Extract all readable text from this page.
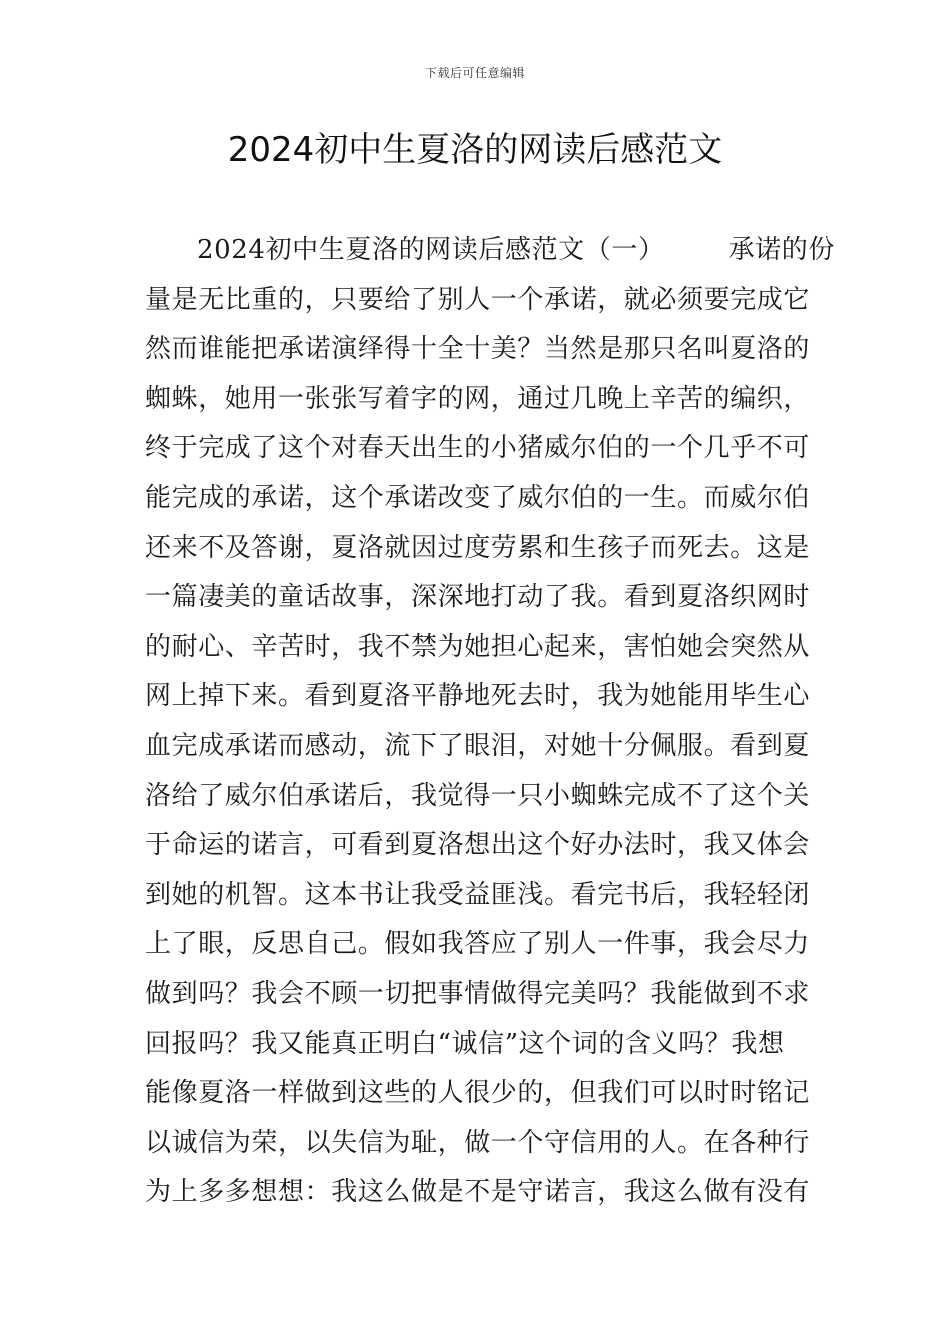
下载后可任意编辑
2024初中生夏洛的网读后感范文
2024初中生夏洛的网读后感范文（一） 承诺的份
量是无比重的，只要给了别人一个承诺，就必须要完成它
然而谁能把承诺演绎得十全十美？当然是那只名叫夏洛的
蜘蛛，她用一张张写着字的网，通过几晚上辛苦的编织，
终于完成了这个对春天出生的小猪威尔伯的一个几乎不可
能完成的承诺，这个承诺改变了威尔伯的一生。而威尔伯
还来不及答谢，夏洛就因过度劳累和生孩子而死去。这是
一篇凄美的童话故事，深深地打动了我。看到夏洛织网时
的耐心、辛苦时，我不禁为她担心起来，害怕她会突然从
网上掉下来。看到夏洛平静地死去时，我为她能用毕生心
血完成承诺而感动，流下了眼泪，对她十分佩服。看到夏
洛给了威尔伯承诺后，我觉得一只小蜘蛛完成不了这个关
于命运的诺言，可看到夏洛想出这个好办法时，我又体会
到她的机智。这本书让我受益匪浅。看完书后，我轻轻闭
上了眼，反思自己。假如我答应了别人一件事，我会尽力
做到吗？我会不顾一切把事情做得完美吗？我能做到不求
回报吗？我又能真正明白“诚信”这个词的含义吗？我想
能像夏洛一样做到这些的人很少的，但我们可以时时铭记
以诚信为荣，以失信为耻，做一个守信用的人。在各种行
为上多多想想：我这么做是不是守诺言，我这么做有没有
